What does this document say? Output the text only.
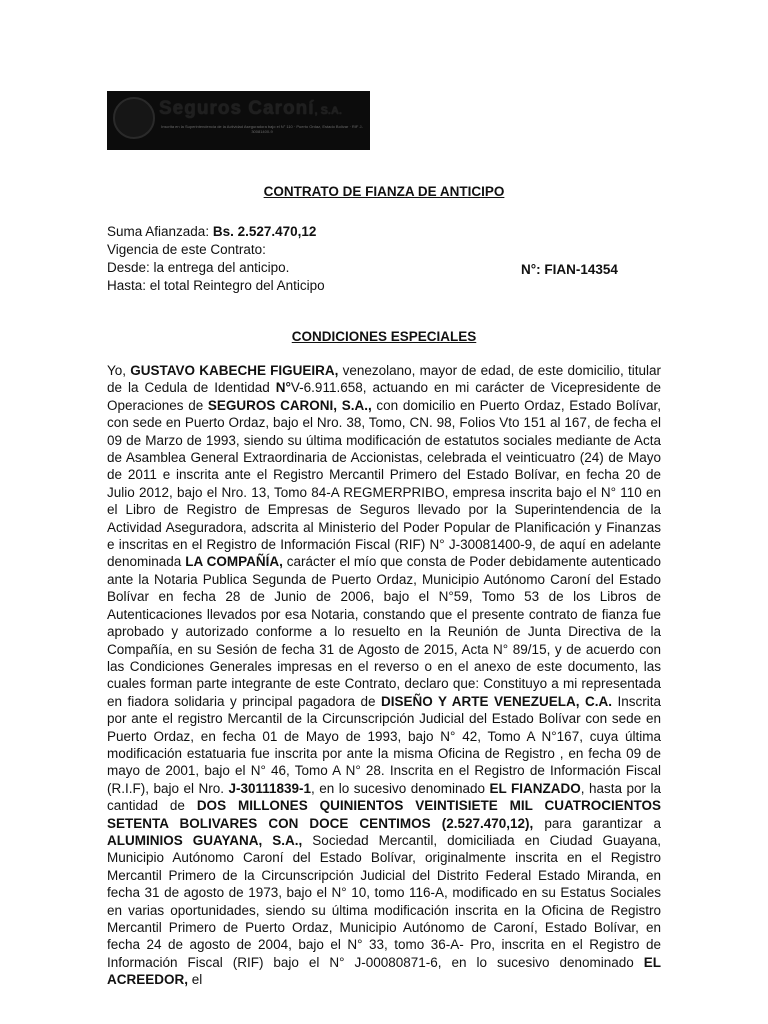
Seguros Caroní, S.A.
Inscrita en la Superintendencia de la Actividad Aseguradora bajo el N° 110 · Puerto Ordaz, Estado Bolívar · RIF J-30081400-9
CONTRATO DE FIANZA DE ANTICIPO
Suma Afianzada: Bs. 2.527.470,12
Vigencia de este Contrato:
Desde: la entrega del anticipo.
Hasta: el total Reintegro del Anticipo
N°: FIAN-14354
CONDICIONES ESPECIALES
Yo, GUSTAVO KABECHE FIGUEIRA, venezolano, mayor de edad, de este domicilio, titular de la Cedula de Identidad N°V-6.911.658, actuando en mi carácter de Vicepresidente de Operaciones de SEGUROS CARONI, S.A., con domicilio en Puerto Ordaz, Estado Bolívar, con sede en Puerto Ordaz, bajo el Nro. 38, Tomo, CN. 98, Folios Vto 151 al 167, de fecha el 09 de Marzo de 1993, siendo su última modificación de estatutos sociales mediante de Acta de Asamblea General Extraordinaria de Accionistas, celebrada el veinticuatro (24) de Mayo de 2011 e inscrita ante el Registro Mercantil Primero del Estado Bolívar, en fecha 20 de Julio 2012, bajo el Nro. 13, Tomo 84-A REGMERPRIBO, empresa inscrita bajo el N° 110 en el Libro de Registro de Empresas de Seguros llevado por la Superintendencia de la Actividad Aseguradora, adscrita al Ministerio del Poder Popular de Planificación y Finanzas e inscritas en el Registro de Información Fiscal (RIF) N° J-30081400-9, de aquí en adelante denominada LA COMPAÑÍA, carácter el mío que consta de Poder debidamente autenticado ante la Notaria Publica Segunda de Puerto Ordaz, Municipio Autónomo Caroní del Estado Bolívar en fecha 28 de Junio de 2006, bajo el N°59, Tomo 53 de los Libros de Autenticaciones llevados por esa Notaria, constando que el presente contrato de fianza fue aprobado y autorizado conforme a lo resuelto en la Reunión de Junta Directiva de la Compañía, en su Sesión de fecha 31 de Agosto de 2015, Acta N° 89/15, y de acuerdo con las Condiciones Generales impresas en el reverso o en el anexo de este documento, las cuales forman parte integrante de este Contrato, declaro que: Constituyo a mi representada en fiadora solidaria y principal pagadora de DISEÑO Y ARTE VENEZUELA, C.A. Inscrita por ante el registro Mercantil de la Circunscripción Judicial del Estado Bolívar con sede en Puerto Ordaz, en fecha 01 de Mayo de 1993, bajo N° 42, Tomo A N°167, cuya última modificación estatuaria fue inscrita por ante la misma Oficina de Registro , en fecha 09 de mayo de 2001, bajo el N° 46, Tomo A N° 28. Inscrita en el Registro de Información Fiscal (R.I.F), bajo el Nro. J-30111839-1, en lo sucesivo denominado EL FIANZADO, hasta por la cantidad de DOS MILLONES QUINIENTOS VEINTISIETE MIL CUATROCIENTOS SETENTA BOLIVARES CON DOCE CENTIMOS (2.527.470,12), para garantizar a ALUMINIOS GUAYANA, S.A., Sociedad Mercantil, domiciliada en Ciudad Guayana, Municipio Autónomo Caroní del Estado Bolívar, originalmente inscrita en el Registro Mercantil Primero de la Circunscripción Judicial del Distrito Federal Estado Miranda, en fecha 31 de agosto de 1973, bajo el N° 10, tomo 116-A, modificado en su Estatus Sociales en varias oportunidades, siendo su última modificación inscrita en la Oficina de Registro Mercantil Primero de Puerto Ordaz, Municipio Autónomo de Caroní, Estado Bolívar, en fecha 24 de agosto de 2004, bajo el N° 33, tomo 36-A- Pro, inscrita en el Registro de Información Fiscal (RIF) bajo el N° J-00080871-6, en lo sucesivo denominado EL ACREEDOR, el
